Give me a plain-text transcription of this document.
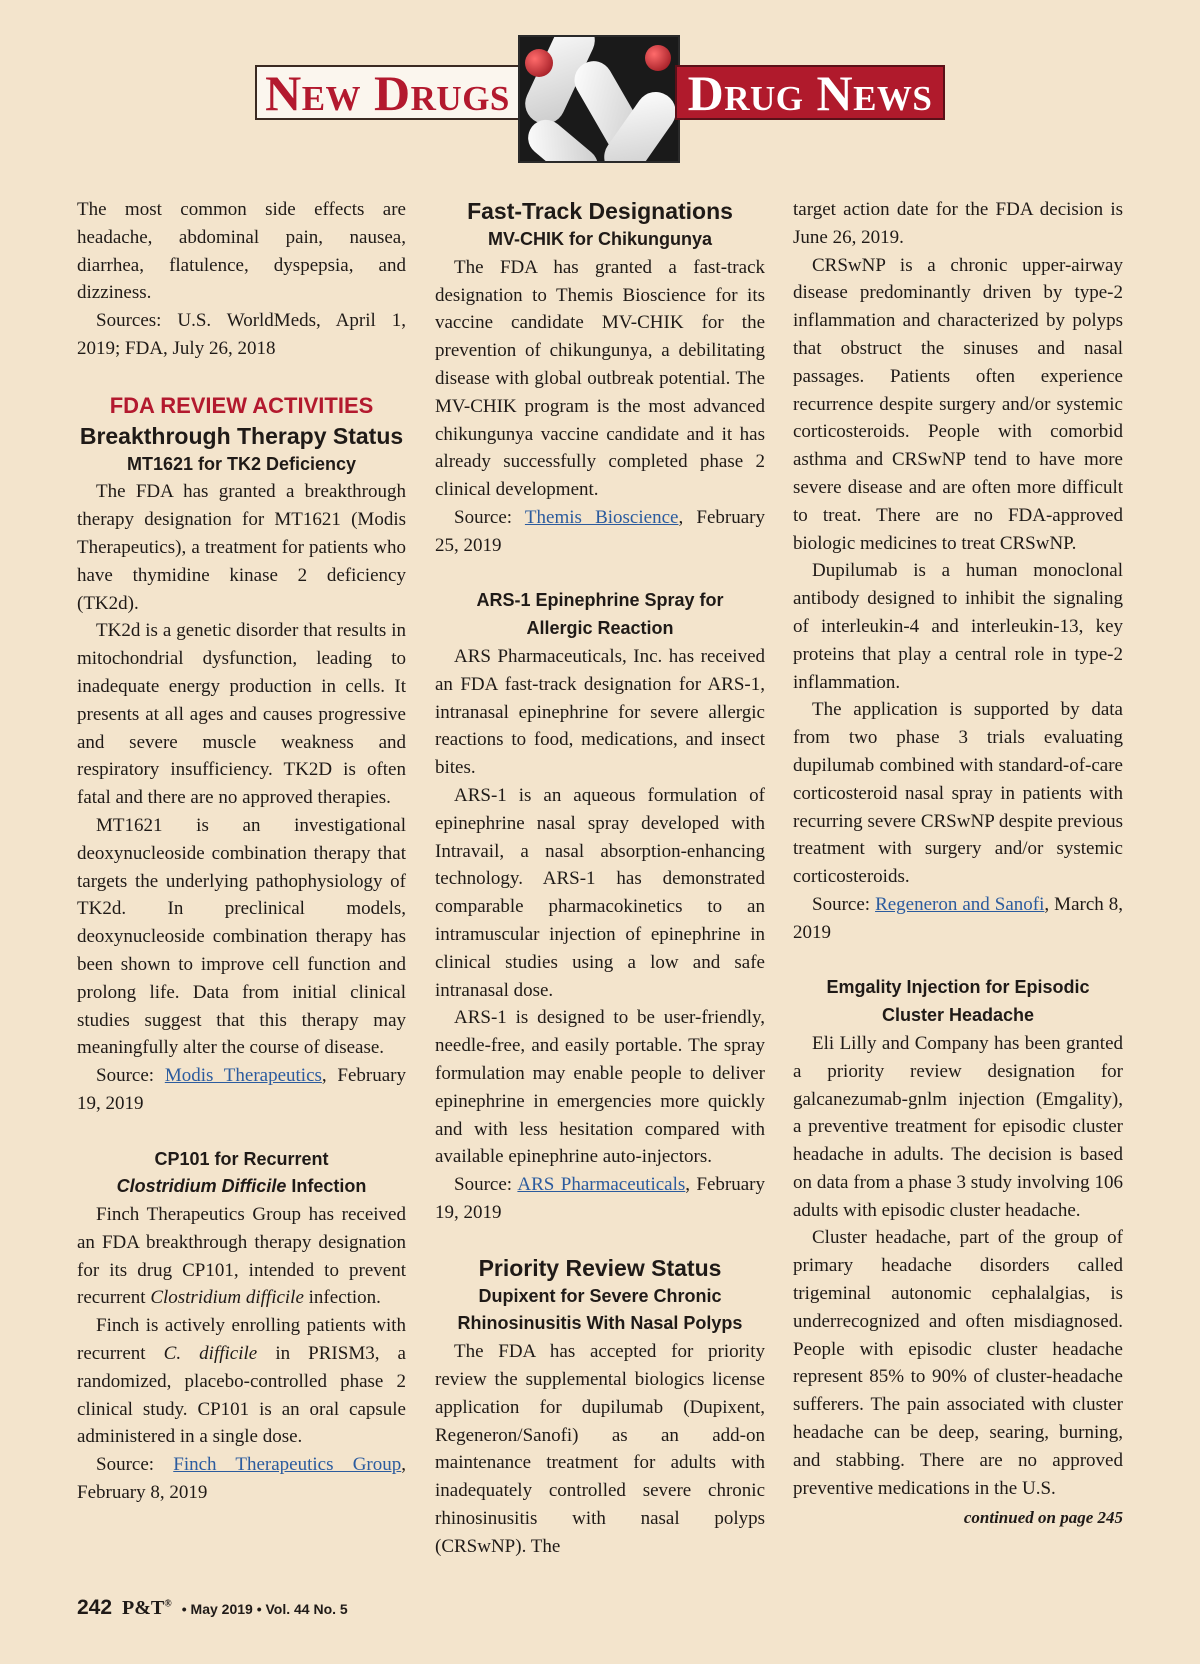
New Drugs	Drug News

The most common side effects are headache, abdominal pain, nausea, diarrhea, flatulence, dyspepsia, and dizziness.

Sources: U.S. WorldMeds, April 1, 2019; FDA, July 26, 2018

FDA REVIEW ACTIVITIES
Breakthrough Therapy Status
MT1621 for TK2 Deficiency

The FDA has granted a breakthrough therapy designation for MT1621 (Modis Therapeutics), a treatment for patients who have thymidine kinase 2 deficiency (TK2d).

TK2d is a genetic disorder that results in mitochondrial dysfunction, leading to inadequate energy production in cells. It presents at all ages and causes progressive and severe muscle weakness and respiratory insufficiency. TK2D is often fatal and there are no approved therapies.

MT1621 is an investigational deoxynucleoside combination therapy that targets the underlying pathophysiology of TK2d. In preclinical models, deoxynucleoside combination therapy has been shown to improve cell function and prolong life. Data from initial clinical studies suggest that this therapy may meaningfully alter the course of disease.

Source: Modis Therapeutics, February 19, 2019

CP101 for Recurrent
Clostridium Difficile Infection

Finch Therapeutics Group has received an FDA breakthrough therapy designation for its drug CP101, intended to prevent recurrent Clostridium difficile infection.

Finch is actively enrolling patients with recurrent C. difficile in PRISM3, a randomized, placebo-controlled phase 2 clinical study. CP101 is an oral capsule administered in a single dose.

Source: Finch Therapeutics Group, February 8, 2019

Fast-Track Designations
MV-CHIK for Chikungunya

The FDA has granted a fast-track designation to Themis Bioscience for its vaccine candidate MV-CHIK for the prevention of chikungunya, a debilitating disease with global outbreak potential. The MV-CHIK program is the most advanced chikungunya vaccine candidate and it has already successfully completed phase 2 clinical development.

Source: Themis Bioscience, February 25, 2019

ARS-1 Epinephrine Spray for
Allergic Reaction

ARS Pharmaceuticals, Inc. has received an FDA fast-track designation for ARS-1, intranasal epinephrine for severe allergic reactions to food, medications, and insect bites.

ARS-1 is an aqueous formulation of epinephrine nasal spray developed with Intravail, a nasal absorption-enhancing technology. ARS-1 has demonstrated comparable pharmacokinetics to an intramuscular injection of epinephrine in clinical studies using a low and safe intranasal dose.

ARS-1 is designed to be user-friendly, needle-free, and easily portable. The spray formulation may enable people to deliver epinephrine in emergencies more quickly and with less hesitation compared with available epinephrine auto-injectors.

Source: ARS Pharmaceuticals, February 19, 2019

Priority Review Status
Dupixent for Severe Chronic
Rhinosinusitis With Nasal Polyps

The FDA has accepted for priority review the supplemental biologics license application for dupilumab (Dupixent, Regeneron/Sanofi) as an add-on maintenance treatment for adults with inadequately controlled severe chronic rhinosinusitis with nasal polyps (CRSwNP). The

target action date for the FDA decision is June 26, 2019.

CRSwNP is a chronic upper-airway disease predominantly driven by type-2 inflammation and characterized by polyps that obstruct the sinuses and nasal passages. Patients often experience recurrence despite surgery and/or systemic corticosteroids. People with comorbid asthma and CRSwNP tend to have more severe disease and are often more difficult to treat. There are no FDA-approved biologic medicines to treat CRSwNP.

Dupilumab is a human monoclonal antibody designed to inhibit the signaling of interleukin-4 and interleukin-13, key proteins that play a central role in type-2 inflammation.

The application is supported by data from two phase 3 trials evaluating dupilumab combined with standard-of-care corticosteroid nasal spray in patients with recurring severe CRSwNP despite previous treatment with surgery and/or systemic corticosteroids.

Source: Regeneron and Sanofi, March 8, 2019

Emgality Injection for Episodic
Cluster Headache

Eli Lilly and Company has been granted a priority review designation for galcanezumab-gnlm injection (Emgality), a preventive treatment for episodic cluster headache in adults. The decision is based on data from a phase 3 study involving 106 adults with episodic cluster headache.

Cluster headache, part of the group of primary headache disorders called trigeminal autonomic cephalalgias, is underrecognized and often misdiagnosed. People with episodic cluster headache represent 85% to 90% of cluster-headache sufferers. The pain associated with cluster headache can be deep, searing, burning, and stabbing. There are no approved preventive medications in the U.S.

continued on page 245
242 P&T® • May 2019 • Vol. 44 No. 5
